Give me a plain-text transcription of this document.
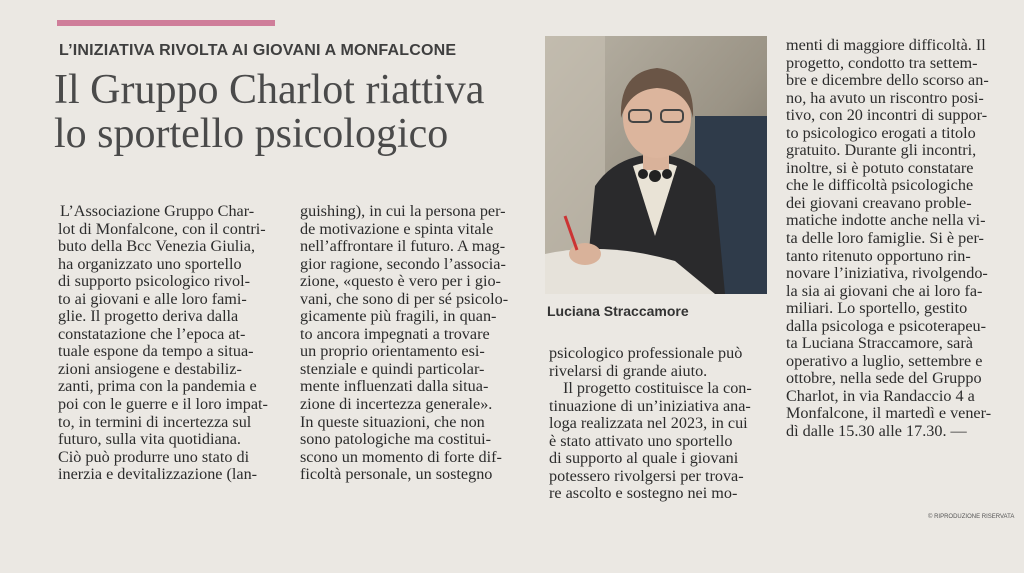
L’INIZIATIVA RIVOLTA AI GIOVANI A MONFALCONE
Il Gruppo Charlot riattiva
lo sportello psicologico
L’Associazione Gruppo Char-
lot di Monfalcone, con il contri-
buto della Bcc Venezia Giulia,
ha organizzato uno sportello
di supporto psicologico rivol-
to ai giovani e alle loro fami-
glie. Il progetto deriva dalla
constatazione che l’epoca at-
tuale espone da tempo a situa-
zioni ansiogene e destabiliz-
zanti, prima con la pandemia e
poi con le guerre e il loro impat-
to, in termini di incertezza sul
futuro, sulla vita quotidiana.
Ciò può produrre uno stato di
inerzia e devitalizzazione (lan-
guishing), in cui la persona per-
de motivazione e spinta vitale
nell’affrontare il futuro. A mag-
gior ragione, secondo l’associa-
zione, «questo è vero per i gio-
vani, che sono di per sé psicolo-
gicamente più fragili, in quan-
to ancora impegnati a trovare
un proprio orientamento esi-
stenziale e quindi particolar-
mente influenzati dalla situa-
zione di incertezza generale».
In queste situazioni, che non
sono patologiche ma costitui-
scono un momento di forte dif-
ficoltà personale, un sostegno
Luciana Straccamore
psicologico professionale può
rivelarsi di grande aiuto.
Il progetto costituisce la con-
tinuazione di un’iniziativa ana-
loga realizzata nel 2023, in cui
è stato attivato uno sportello
di supporto al quale i giovani
potessero rivolgersi per trova-
re ascolto e sostegno nei mo-
menti di maggiore difficoltà. Il
progetto, condotto tra settem-
bre e dicembre dello scorso an-
no, ha avuto un riscontro posi-
tivo, con 20 incontri di suppor-
to psicologico erogati a titolo
gratuito. Durante gli incontri,
inoltre, si è potuto constatare
che le difficoltà psicologiche
dei giovani creavano proble-
matiche indotte anche nella vi-
ta delle loro famiglie. Si è per-
tanto ritenuto opportuno rin-
novare l’iniziativa, rivolgendo-
la sia ai giovani che ai loro fa-
miliari. Lo sportello, gestito
dalla psicologa e psicoterapeu-
ta Luciana Straccamore, sarà
operativo a luglio, settembre e
ottobre, nella sede del Gruppo
Charlot, in via Randaccio 4 a
Monfalcone, il martedì e vener-
dì dalle 15.30 alle 17.30. —
© RIPRODUZIONE RISERVATA
